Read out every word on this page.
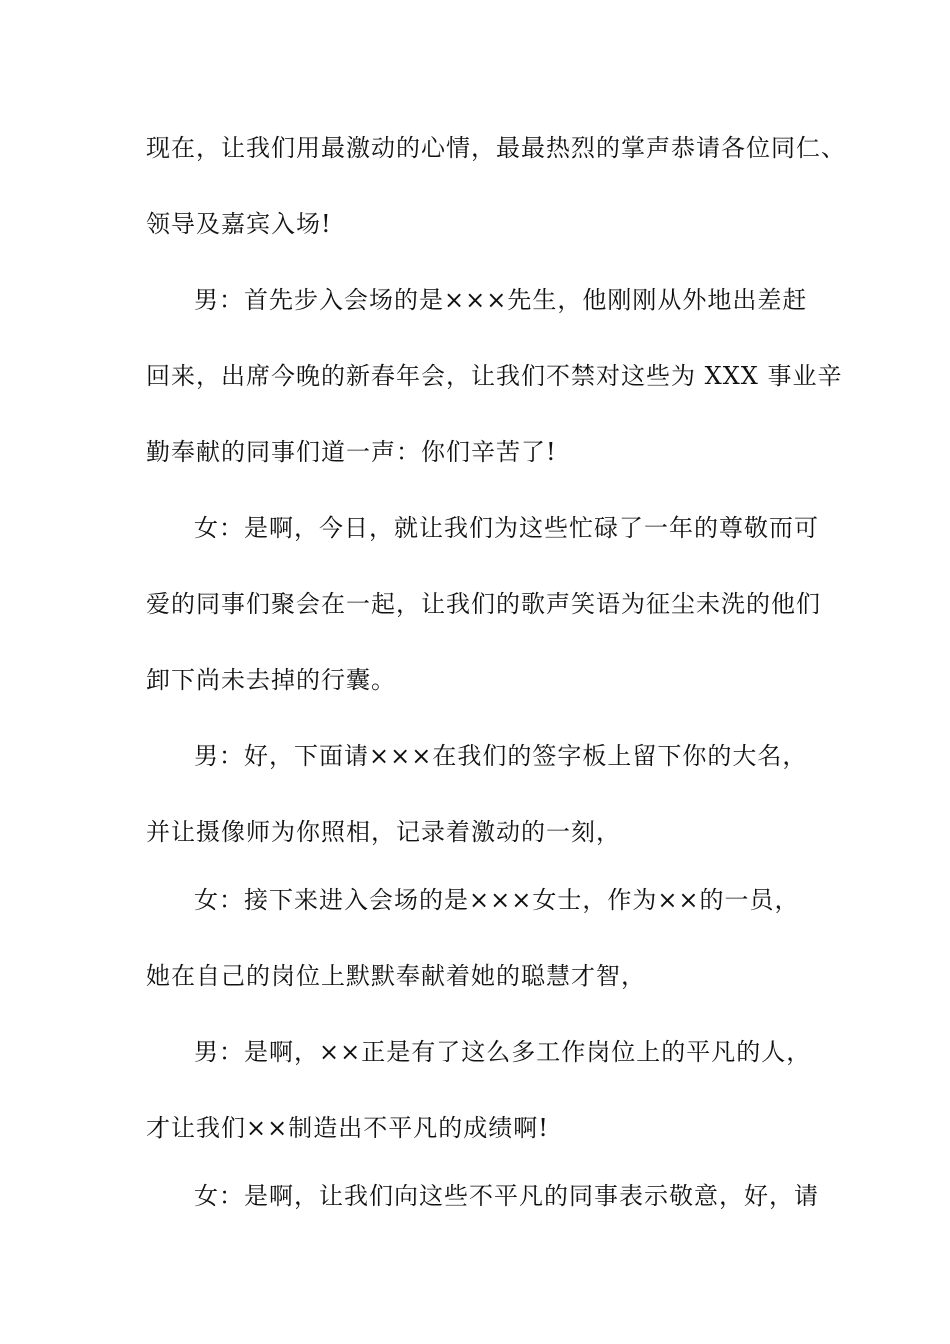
现在，让我们用最激动的心情，最最热烈的掌声恭请各位同仁、
领导及嘉宾入场!
男：首先步入会场的是×××先生，他刚刚从外地出差赶
回来，出席今晚的新春年会，让我们不禁对这些为 XXX 事业辛
勤奉献的同事们道一声：你们辛苦了!
女：是啊，今日，就让我们为这些忙碌了一年的尊敬而可
爱的同事们聚会在一起，让我们的歌声笑语为征尘未洗的他们
卸下尚未去掉的行囊。
男：好，下面请×××在我们的签字板上留下你的大名，
并让摄像师为你照相，记录着激动的一刻，
女：接下来进入会场的是×××女士，作为××的一员，
她在自己的岗位上默默奉献着她的聪慧才智，
男：是啊，××正是有了这么多工作岗位上的平凡的人，
才让我们××制造出不平凡的成绩啊!
女：是啊，让我们向这些不平凡的同事表示敬意，好，请
